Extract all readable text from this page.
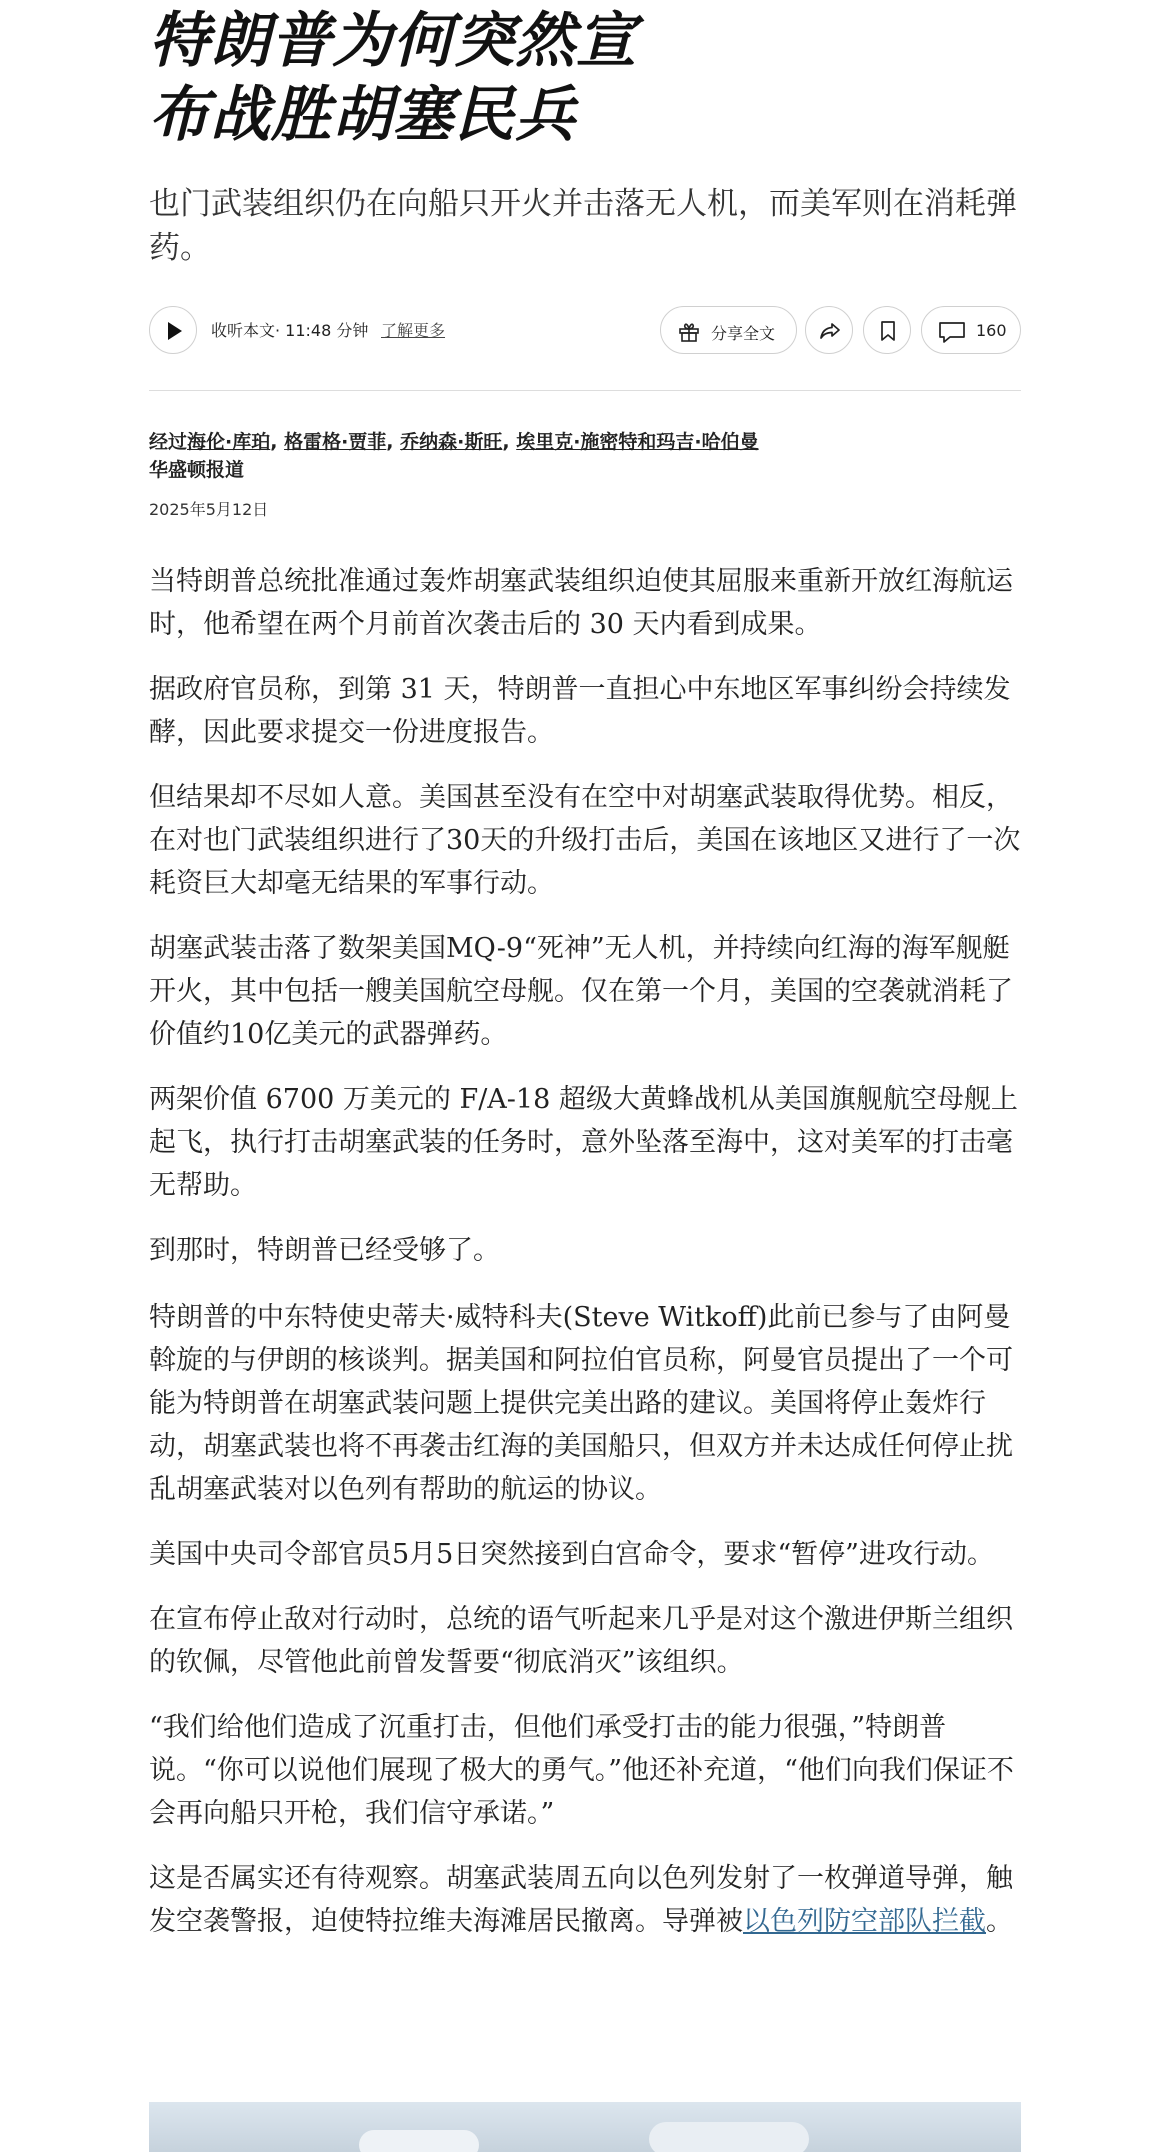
特朗普为何突然宣
布战胜胡塞民兵

也门武装组织仍在向船只开火并击落无人机，而美军则在消耗弹药。

收听本文· 11:48 分钟 了解更多	分享全文	160
经过海伦·库珀, 格雷格·贾菲, 乔纳森·斯旺, 埃里克·施密特和玛吉·哈伯曼
华盛顿报道
2025年5月12日

当特朗普总统批准通过轰炸胡塞武装组织迫使其屈服来重新开放红海航运时，他希望在两个月前首次袭击后的 30 天内看到成果。

据政府官员称，到第 31 天，特朗普一直担心中东地区军事纠纷会持续发酵，因此要求提交一份进度报告。

但结果却不尽如人意。美国甚至没有在空中对胡塞武装取得优势。相反，在对也门武装组织进行了30天的升级打击后，美国在该地区又进行了一次耗资巨大却毫无结果的军事行动。

胡塞武装击落了数架美国MQ-9“死神”无人机，并持续向红海的海军舰艇开火，其中包括一艘美国航空母舰。仅在第一个月，美国的空袭就消耗了价值约10亿美元的武器弹药。

两架价值 6700 万美元的 F/A-18 超级大黄蜂战机从美国旗舰航空母舰上起飞，执行打击胡塞武装的任务时，意外坠落至海中，这对美军的打击毫无帮助。

到那时，特朗普已经受够了。

特朗普的中东特使史蒂夫·威特科夫(Steve Witkoff)此前已参与了由阿曼斡旋的与伊朗的核谈判。据美国和阿拉伯官员称，阿曼官员提出了一个可能为特朗普在胡塞武装问题上提供完美出路的建议。美国将停止轰炸行动，胡塞武装也将不再袭击红海的美国船只，但双方并未达成任何停止扰乱胡塞武装对以色列有帮助的航运的协议。

美国中央司令部官员5月5日突然接到白宫命令，要求“暂停”进攻行动。

在宣布停止敌对行动时，总统的语气听起来几乎是对这个激进伊斯兰组织的钦佩，尽管他此前曾发誓要“彻底消灭”该组织。

“我们给他们造成了沉重打击，但他们承受打击的能力很强，”特朗普说。“你可以说他们展现了极大的勇气。”他还补充道，“他们向我们保证不会再向船只开枪，我们信守承诺。”

这是否属实还有待观察。胡塞武装周五向以色列发射了一枚弹道导弹，触发空袭警报，迫使特拉维夫海滩居民撤离。导弹被以色列防空部队拦截。
